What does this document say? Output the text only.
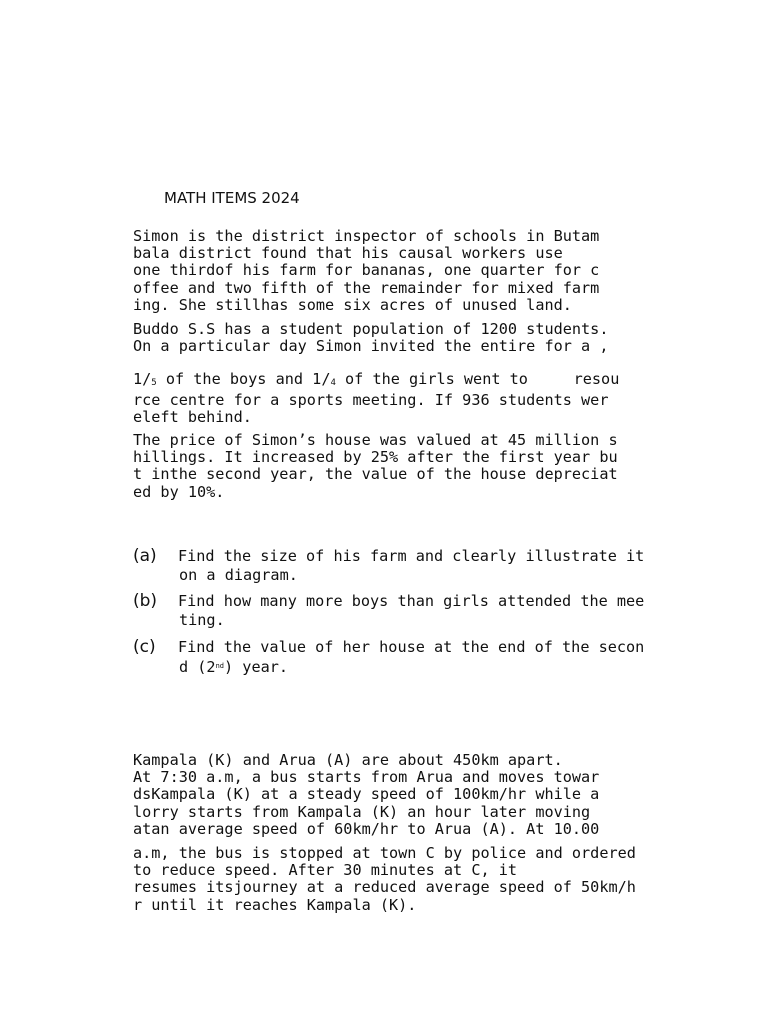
MATH ITEMS 2024
Simon is the district inspector of schools in Butam
bala district found that his causal workers use
one thirdof his farm for bananas, one quarter for c
offee and two fifth of the remainder for mixed farm
ing. She stillhas some six acres of unused land.
Buddo S.S has a student population of 1200 students.
On a particular day Simon invited the entire for a ,
$1/_5$ of the boys and $1/_4$ of the girls went to     resou
rce centre for a sports meeting. If 936 students wer
eleft behind.
The price of Simon’s house was valued at 45 million s
hillings. It increased by 25% after the first year bu
t inthe second year, the value of the house depreciat
ed by 10%.
(a) Find the size of his farm and clearly illustrate it
on a diagram.
(b) Find how many more boys than girls attended the mee
ting.
(c) Find the value of her house at the end of the secon
d (2nd) year.
Kampala (K) and Arua (A) are about 450km apart.
At 7:30 a.m, a bus starts from Arua and moves towar
dsKampala (K) at a steady speed of 100km/hr while a
lorry starts from Kampala (K) an hour later moving
atan average speed of 60km/hr to Arua (A). At 10.00
a.m, the bus is stopped at town C by police and ordered
to reduce speed. After 30 minutes at C, it
resumes itsjourney at a reduced average speed of 50km/h
r until it reaches Kampala (K).
